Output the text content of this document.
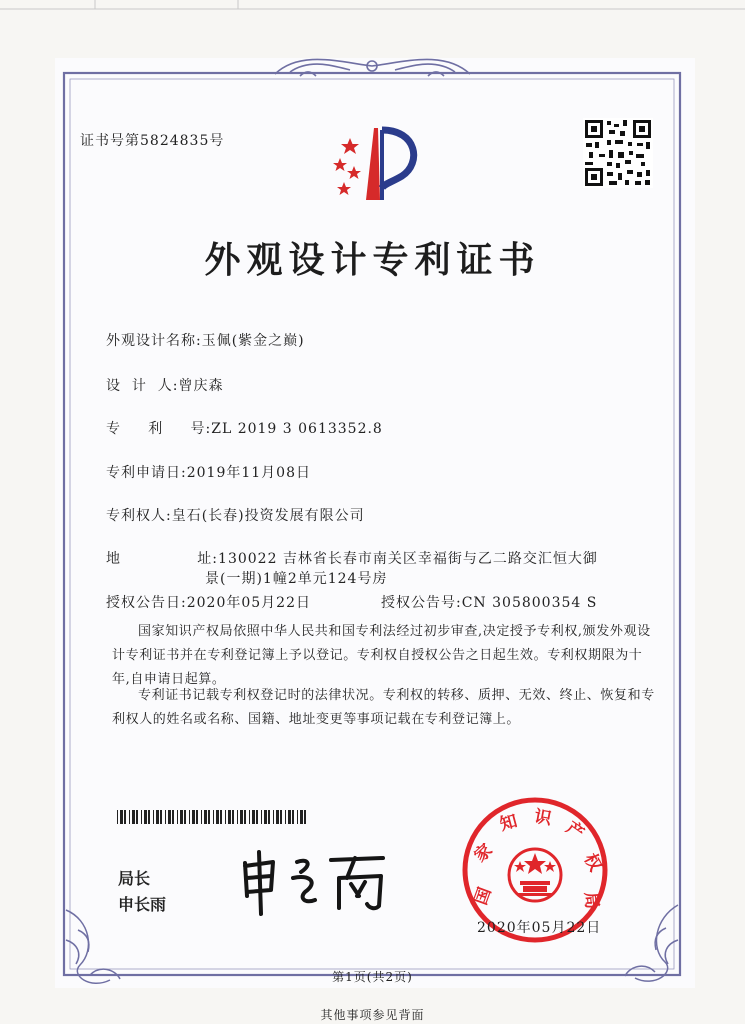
证书号第5824835号
外观设计专利证书
外观设计名称:玉佩(紫金之巅)
设  计  人:曾庆森
专     利     号:ZL 2019 3 0613352.8
专利申请日:2019年11月08日
专利权人:皇石(长春)投资发展有限公司
地              址:130022 吉林省长春市南关区幸福街与乙二路交汇恒大御
景(一期)1幢2单元124号房
授权公告日:2020年05月22日	授权公告号:CN 305800354 S
国家知识产权局依照中华人民共和国专利法经过初步审查,决定授予专利权,颁发外观设计专利证书并在专利登记簿上予以登记。专利权自授权公告之日起生效。专利权期限为十年,自申请日起算。
专利证书记载专利权登记时的法律状况。专利权的转移、质押、无效、终止、恢复和专利权人的姓名或名称、国籍、地址变更等事项记载在专利登记簿上。
局长
申长雨	国
家
知 识 产
权
局
2020年05月22日
第1页(共2页)
其他事项参见背面
